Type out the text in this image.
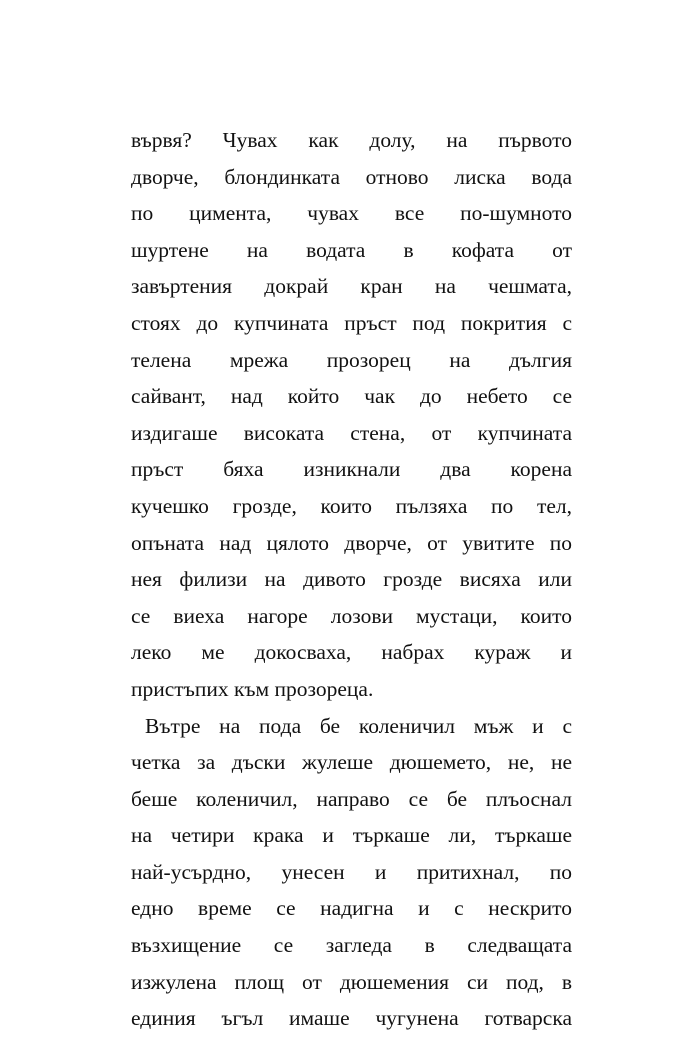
вървя? Чувах как долу, на първото
дворче, блондинката отново лиска вода
по цимента, чувах все по-шумното
шуртене на водата в кофата от
завъртения докрай кран на чешмата,
стоях до купчината пръст под покрития с
телена мрежа прозорец на дългия
сайвант, над който чак до небето се
издигаше високата стена, от купчината
пръст бяха изникнали два корена
кучешко грозде, които пълзяха по тел,
опъната над цялото дворче, от увитите по
нея филизи на дивото грозде висяха или
се виеха нагоре лозови мустаци, които
леко ме докосваха, набрах кураж и
пристъпих към прозореца.
Вътре на пода бе коленичил мъж и с
четка за дъски жулеше дюшемето, не, не
беше коленичил, направо се бе плъоснал
на четири крака и търкаше ли, търкаше
най-усърдно, унесен и притихнал, по
едно време се надигна и с нескрито
възхищение се загледа в следващата
изжулена площ от дюшемения си под, в
единия ъгъл имаше чугунена готварска
